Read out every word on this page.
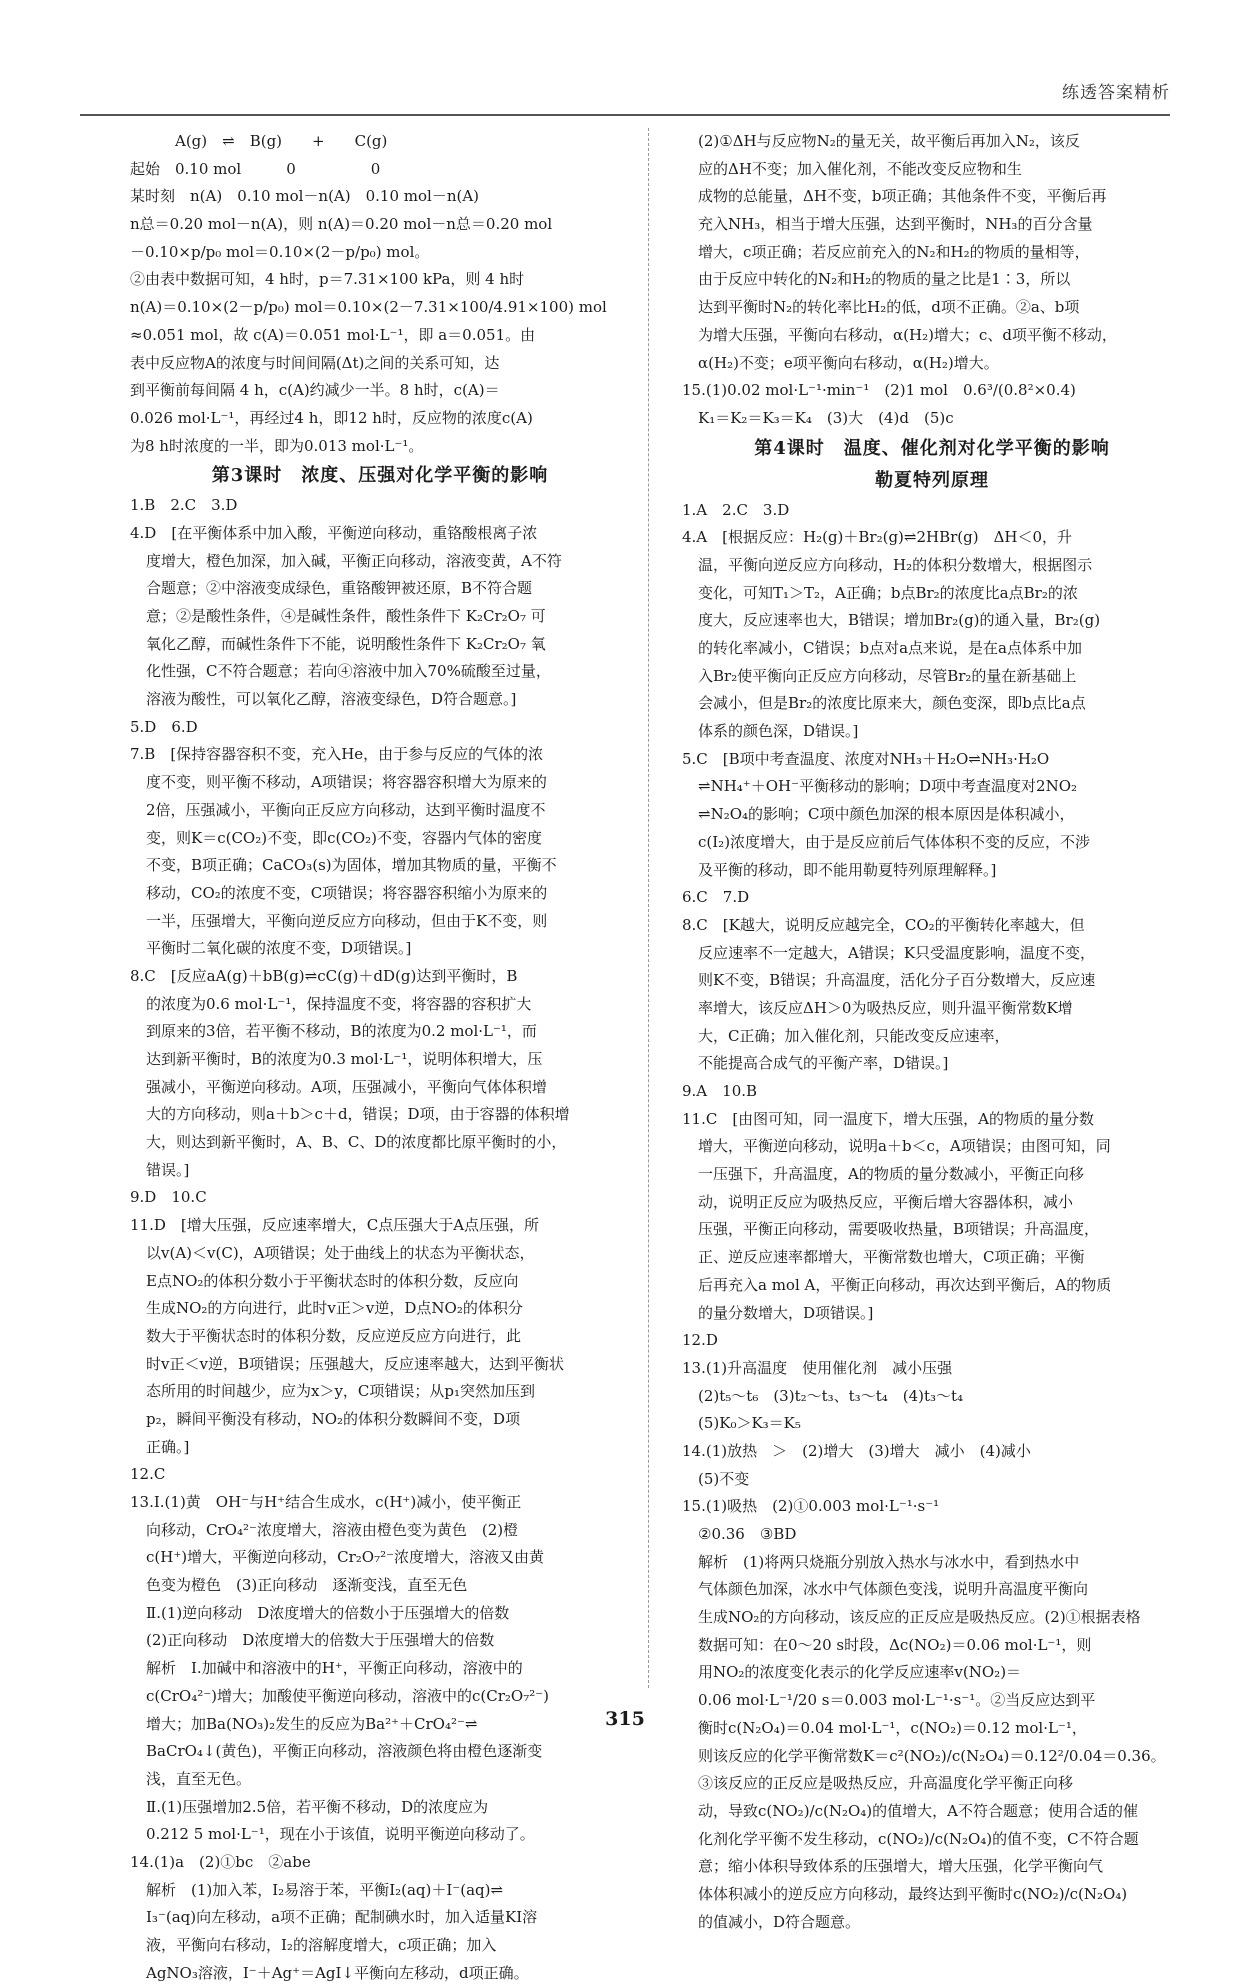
练透答案精析
　　　A(g)　⇌　B(g)　　+　　C(g)
起始　0.10 mol　　　0　　　　　0
某时刻　n(A)　0.10 mol－n(A)　0.10 mol－n(A)
n总＝0.20 mol－n(A)，则 n(A)＝0.20 mol－n总＝0.20 mol
－0.10×p/p₀ mol＝0.10×(2－p/p₀) mol。
②由表中数据可知，4 h时，p＝7.31×100 kPa，则 4 h时
n(A)＝0.10×(2－p/p₀) mol＝0.10×(2－7.31×100/4.91×100) mol
≈0.051 mol，故 c(A)＝0.051 mol·L⁻¹，即 a＝0.051。由
表中反应物A的浓度与时间间隔(Δt)之间的关系可知，达
到平衡前每间隔 4 h，c(A)约减少一半。8 h时，c(A)＝
0.026 mol·L⁻¹，再经过4 h，即12 h时，反应物的浓度c(A)
为8 h时浓度的一半，即为0.013 mol·L⁻¹。
第3课时　浓度、压强对化学平衡的影响
1.B　2.C　3.D
4.D　[在平衡体系中加入酸，平衡逆向移动，重铬酸根离子浓
度增大，橙色加深，加入碱，平衡正向移动，溶液变黄，A不符
合题意；②中溶液变成绿色，重铬酸钾被还原，B不符合题
意；②是酸性条件，④是碱性条件，酸性条件下 K₂Cr₂O₇ 可
氧化乙醇，而碱性条件下不能，说明酸性条件下 K₂Cr₂O₇ 氧
化性强，C不符合题意；若向④溶液中加入70%硫酸至过量，
溶液为酸性，可以氧化乙醇，溶液变绿色，D符合题意。]
5.D　6.D
7.B　[保持容器容积不变，充入He，由于参与反应的气体的浓
度不变，则平衡不移动，A项错误；将容器容积增大为原来的
2倍，压强减小，平衡向正反应方向移动，达到平衡时温度不
变，则K＝c(CO₂)不变，即c(CO₂)不变，容器内气体的密度
不变，B项正确；CaCO₃(s)为固体，增加其物质的量，平衡不
移动，CO₂的浓度不变，C项错误；将容器容积缩小为原来的
一半，压强增大，平衡向逆反应方向移动，但由于K不变，则
平衡时二氧化碳的浓度不变，D项错误。]
8.C　[反应aA(g)＋bB(g)⇌cC(g)＋dD(g)达到平衡时，B
的浓度为0.6 mol·L⁻¹，保持温度不变，将容器的容积扩大
到原来的3倍，若平衡不移动，B的浓度为0.2 mol·L⁻¹，而
达到新平衡时，B的浓度为0.3 mol·L⁻¹，说明体积增大，压
强减小，平衡逆向移动。A项，压强减小，平衡向气体体积增
大的方向移动，则a＋b＞c＋d，错误；D项，由于容器的体积增
大，则达到新平衡时，A、B、C、D的浓度都比原平衡时的小，
错误。]
9.D　10.C
11.D　[增大压强，反应速率增大，C点压强大于A点压强，所
以v(A)＜v(C)，A项错误；处于曲线上的状态为平衡状态，
E点NO₂的体积分数小于平衡状态时的体积分数，反应向
生成NO₂的方向进行，此时v正＞v逆，D点NO₂的体积分
数大于平衡状态时的体积分数，反应逆反应方向进行，此
时v正＜v逆，B项错误；压强越大，反应速率越大，达到平衡状
态所用的时间越少，应为x＞y，C项错误；从p₁突然加压到
p₂，瞬间平衡没有移动，NO₂的体积分数瞬间不变，D项
正确。]
12.C
13.Ⅰ.(1)黄　OH⁻与H⁺结合生成水，c(H⁺)减小，使平衡正
向移动，CrO₄²⁻浓度增大，溶液由橙色变为黄色　(2)橙
c(H⁺)增大，平衡逆向移动，Cr₂O₇²⁻浓度增大，溶液又由黄
色变为橙色　(3)正向移动　逐渐变浅，直至无色
Ⅱ.(1)逆向移动　D浓度增大的倍数小于压强增大的倍数
(2)正向移动　D浓度增大的倍数大于压强增大的倍数
解析　Ⅰ.加碱中和溶液中的H⁺，平衡正向移动，溶液中的
c(CrO₄²⁻)增大；加酸使平衡逆向移动，溶液中的c(Cr₂O₇²⁻)
增大；加Ba(NO₃)₂发生的反应为Ba²⁺＋CrO₄²⁻⇌
BaCrO₄↓(黄色)，平衡正向移动，溶液颜色将由橙色逐渐变
浅，直至无色。
Ⅱ.(1)压强增加2.5倍，若平衡不移动，D的浓度应为
0.212 5 mol·L⁻¹，现在小于该值，说明平衡逆向移动了。
14.(1)a　(2)①bc　②abe
解析　(1)加入苯，I₂易溶于苯，平衡I₂(aq)＋I⁻(aq)⇌
I₃⁻(aq)向左移动，a项不正确；配制碘水时，加入适量KI溶
液，平衡向右移动，I₂的溶解度增大，c项正确；加入
AgNO₃溶液，I⁻＋Ag⁺＝AgI↓平衡向左移动，d项正确。
(2)①ΔH与反应物N₂的量无关，故平衡后再加入N₂，该反
应的ΔH不变；加入催化剂，不能改变反应物和生
成物的总能量，ΔH不变，b项正确；其他条件不变，平衡后再
充入NH₃，相当于增大压强，达到平衡时，NH₃的百分含量
增大，c项正确；若反应前充入的N₂和H₂的物质的量相等，
由于反应中转化的N₂和H₂的物质的量之比是1∶3，所以
达到平衡时N₂的转化率比H₂的低，d项不正确。②a、b项
为增大压强，平衡向右移动，α(H₂)增大；c、d项平衡不移动，
α(H₂)不变；e项平衡向右移动，α(H₂)增大。
15.(1)0.02 mol·L⁻¹·min⁻¹　(2)1 mol　0.6³/(0.8²×0.4)
K₁＝K₂＝K₃＝K₄　(3)大　(4)d　(5)c
第4课时　温度、催化剂对化学平衡的影响
勒夏特列原理
1.A　2.C　3.D
4.A　[根据反应：H₂(g)＋Br₂(g)⇌2HBr(g)　ΔH＜0，升
温，平衡向逆反应方向移动，H₂的体积分数增大，根据图示
变化，可知T₁＞T₂，A正确；b点Br₂的浓度比a点Br₂的浓
度大，反应速率也大，B错误；增加Br₂(g)的通入量，Br₂(g)
的转化率减小，C错误；b点对a点来说，是在a点体系中加
入Br₂使平衡向正反应方向移动，尽管Br₂的量在新基础上
会减小，但是Br₂的浓度比原来大，颜色变深，即b点比a点
体系的颜色深，D错误。]
5.C　[B项中考查温度、浓度对NH₃＋H₂O⇌NH₃·H₂O
⇌NH₄⁺＋OH⁻平衡移动的影响；D项中考查温度对2NO₂
⇌N₂O₄的影响；C项中颜色加深的根本原因是体积减小，
c(I₂)浓度增大，由于是反应前后气体体积不变的反应，不涉
及平衡的移动，即不能用勒夏特列原理解释。]
6.C　7.D
8.C　[K越大，说明反应越完全，CO₂的平衡转化率越大，但
反应速率不一定越大，A错误；K只受温度影响，温度不变，
则K不变，B错误；升高温度，活化分子百分数增大，反应速
率增大，该反应ΔH＞0为吸热反应，则升温平衡常数K增
大，C正确；加入催化剂，只能改变反应速率，
不能提高合成气的平衡产率，D错误。]
9.A　10.B
11.C　[由图可知，同一温度下，增大压强，A的物质的量分数
增大，平衡逆向移动，说明a＋b＜c，A项错误；由图可知，同
一压强下，升高温度，A的物质的量分数减小，平衡正向移
动，说明正反应为吸热反应，平衡后增大容器体积，减小
压强，平衡正向移动，需要吸收热量，B项错误；升高温度，
正、逆反应速率都增大，平衡常数也增大，C项正确；平衡
后再充入a mol A，平衡正向移动，再次达到平衡后，A的物质
的量分数增大，D项错误。]
12.D
13.(1)升高温度　使用催化剂　减小压强
(2)t₅～t₆　(3)t₂～t₃、t₃～t₄　(4)t₃～t₄
(5)K₀＞K₃＝K₅
14.(1)放热　＞　(2)增大　(3)增大　减小　(4)减小
(5)不变
15.(1)吸热　(2)①0.003 mol·L⁻¹·s⁻¹
②0.36　③BD
解析　(1)将两只烧瓶分别放入热水与冰水中，看到热水中
气体颜色加深，冰水中气体颜色变浅，说明升高温度平衡向
生成NO₂的方向移动，该反应的正反应是吸热反应。(2)①根据表格
数据可知：在0～20 s时段，Δc(NO₂)＝0.06 mol·L⁻¹，则
用NO₂的浓度变化表示的化学反应速率v(NO₂)＝
0.06 mol·L⁻¹/20 s＝0.003 mol·L⁻¹·s⁻¹。②当反应达到平
衡时c(N₂O₄)＝0.04 mol·L⁻¹，c(NO₂)＝0.12 mol·L⁻¹，
则该反应的化学平衡常数K＝c²(NO₂)/c(N₂O₄)＝0.12²/0.04＝0.36。
③该反应的正反应是吸热反应，升高温度化学平衡正向移
动，导致c(NO₂)/c(N₂O₄)的值增大，A不符合题意；使用合适的催
化剂化学平衡不发生移动，c(NO₂)/c(N₂O₄)的值不变，C不符合题
意；缩小体积导致体系的压强增大，增大压强，化学平衡向气
体体积减小的逆反应方向移动，最终达到平衡时c(NO₂)/c(N₂O₄)
的值减小，D符合题意。
315
